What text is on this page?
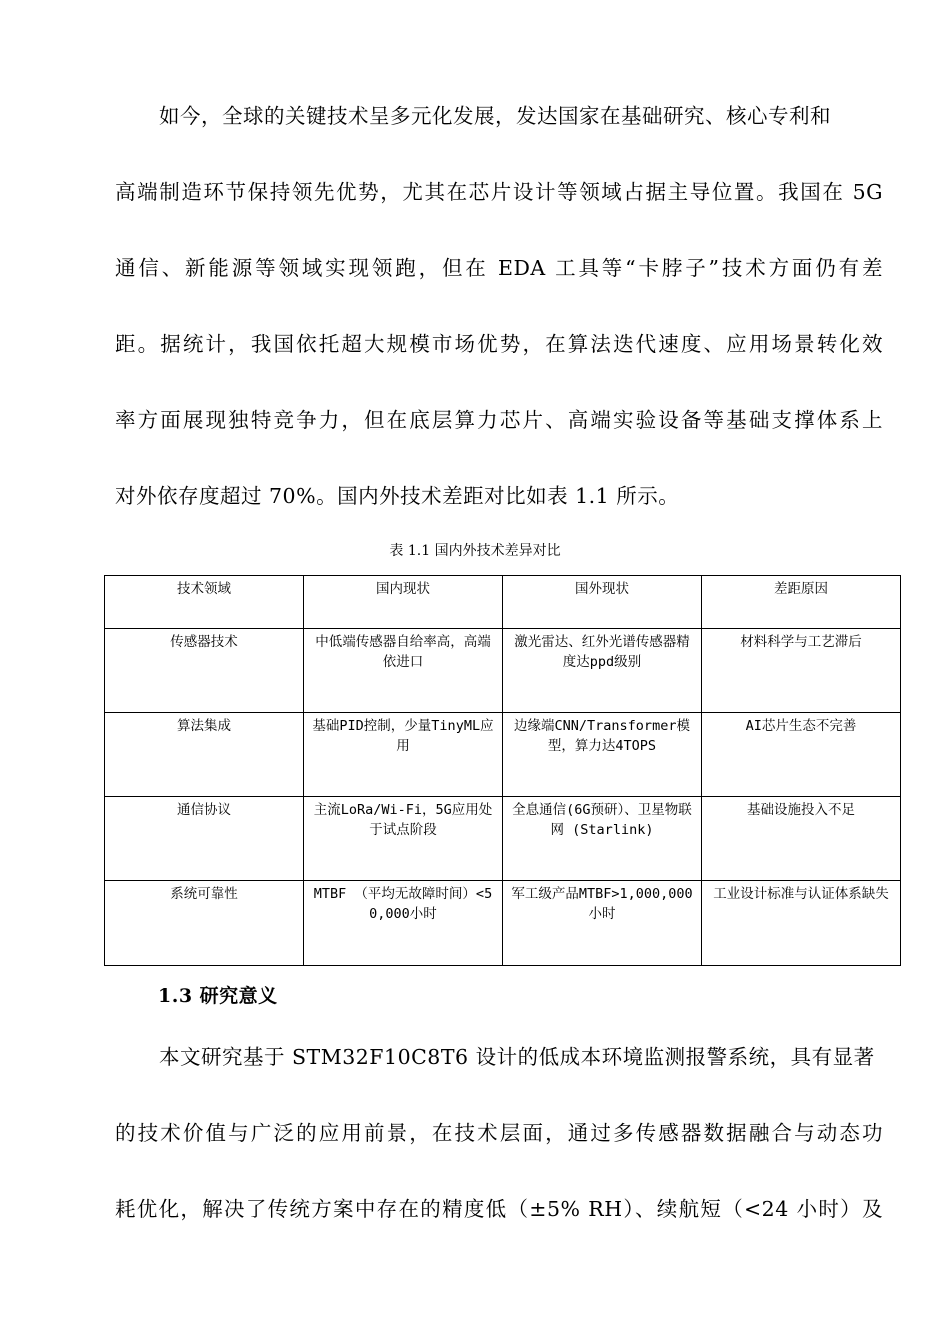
如今，全球的关键技术呈多元化发展，发达国家在基础研究、核心专利和
高端制造环节保持领先优势，尤其在芯片设计等领域占据主导位置。我国在 5G
通信、新能源等领域实现领跑，但在 EDA 工具等“卡脖子”技术方面仍有差
距。据统计，我国依托超大规模市场优势，在算法迭代速度、应用场景转化效
率方面展现独特竞争力，但在底层算力芯片、高端实验设备等基础支撑体系上
对外依存度超过 70%。国内外技术差距对比如表 1.1 所示。
表 1.1 国内外技术差异对比
技术领域	国内现状	国外现状	差距原因
传感器技术	中低端传感器自给率高，高端依进口	激光雷达、红外光谱传感器精度达ppd级别	材料科学与工艺滞后
算法集成	基础PID控制，少量TinyML应用	边缘端CNN/Transformer模型，算力达4TOPS	AI芯片生态不完善
通信协议	主流LoRa/Wi-Fi，5G应用处于试点阶段	全息通信(6G预研）、卫星物联网 (Starlink)	基础设施投入不足
系统可靠性	MTBF （平均无故障时间）<50,000小时	军工级产品MTBF>1,000,000小时	工业设计标准与认证体系缺失
1.3 研究意义
本文研究基于 STM32F10C8T6 设计的低成本环境监测报警系统，具有显著
的技术价值与广泛的应用前景，在技术层面，通过多传感器数据融合与动态功
耗优化，解决了传统方案中存在的精度低（±5% RH）、续航短（<24 小时）及
